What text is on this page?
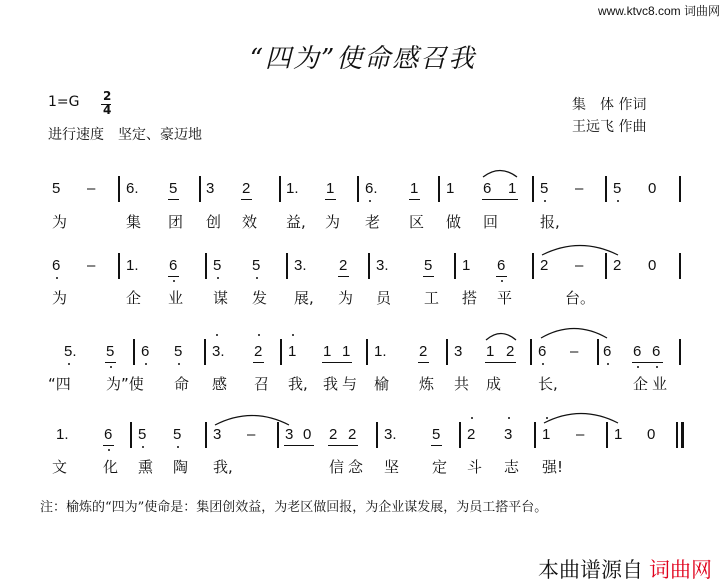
www.ktvc8.com 词曲网
“四为”使命感召我
1=G 2
4
进行速度　坚定、豪迈地
集　体 作词
王远飞 作曲
5 – 6. 5 3 2 1. 1 6. 1 1 6 1 5 – 5 0
为	集 团 创 效 益, 为 老 区 做 回	报,
6 – 1. 6 5 5 3. 2 3. 5 1 6 2 – 2 0
为	企 业 谋 发 展, 为 员 工 搭 平	台。
5. 5 6 5 3. 2 1 1 1 1. 2 3 1 2 6 – 6 6 6
“四 为”使 命 感 召 我, 我 与 榆 炼 共 成 长,	企 业
1. 6 5 5 3 – 3 0 2 2 3. 5 2 3 1 – 1 0
文 化 熏 陶 我,	信 念 坚 定 斗 志 强!
注：榆炼的“四为”使命是：集团创效益，为老区做回报，为企业谋发展，为员工搭平台。
本曲谱源自 词曲网
